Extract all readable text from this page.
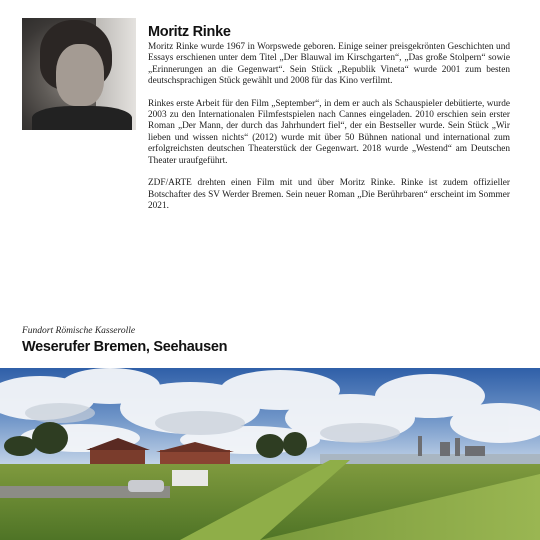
Moritz Rinke

Moritz Rinke wurde 1967 in Worpswede geboren. Einige seiner preisgekrönten Geschichten und Essays erschienen unter dem Titel „Der Blauwal im Kirschgarten“, „Das große Stolpern“ sowie „Erinnerungen an die Gegenwart“. Sein Stück „Republik Vineta“ wurde 2001 zum besten deutschsprachigen Stück gewählt und 2008 für das Kino verfilmt.

Rinkes erste Arbeit für den Film „September“, in dem er auch als Schauspieler debütierte, wurde 2003 zu den Internationalen Filmfestspielen nach Cannes eingeladen. 2010 erschien sein erster Roman „Der Mann, der durch das Jahrhundert fiel“, der ein Bestseller wurde. Sein Stück „Wir lieben und wissen nichts“ (2012) wurde mit über 50 Bühnen national und international zum erfolgreichsten deutschen Theaterstück der Gegenwart. 2018 wurde „Westend“ am Deutschen Theater uraufgeführt.

ZDF/ARTE drehten einen Film mit und über Moritz Rinke. Rinke ist zudem offizieller Botschafter des SV Werder Bremen. Sein neuer Roman „Die Berührbaren“ erscheint im Sommer 2021.

Fundort Römische Kasserolle
Weserufer Bremen, Seehausen
